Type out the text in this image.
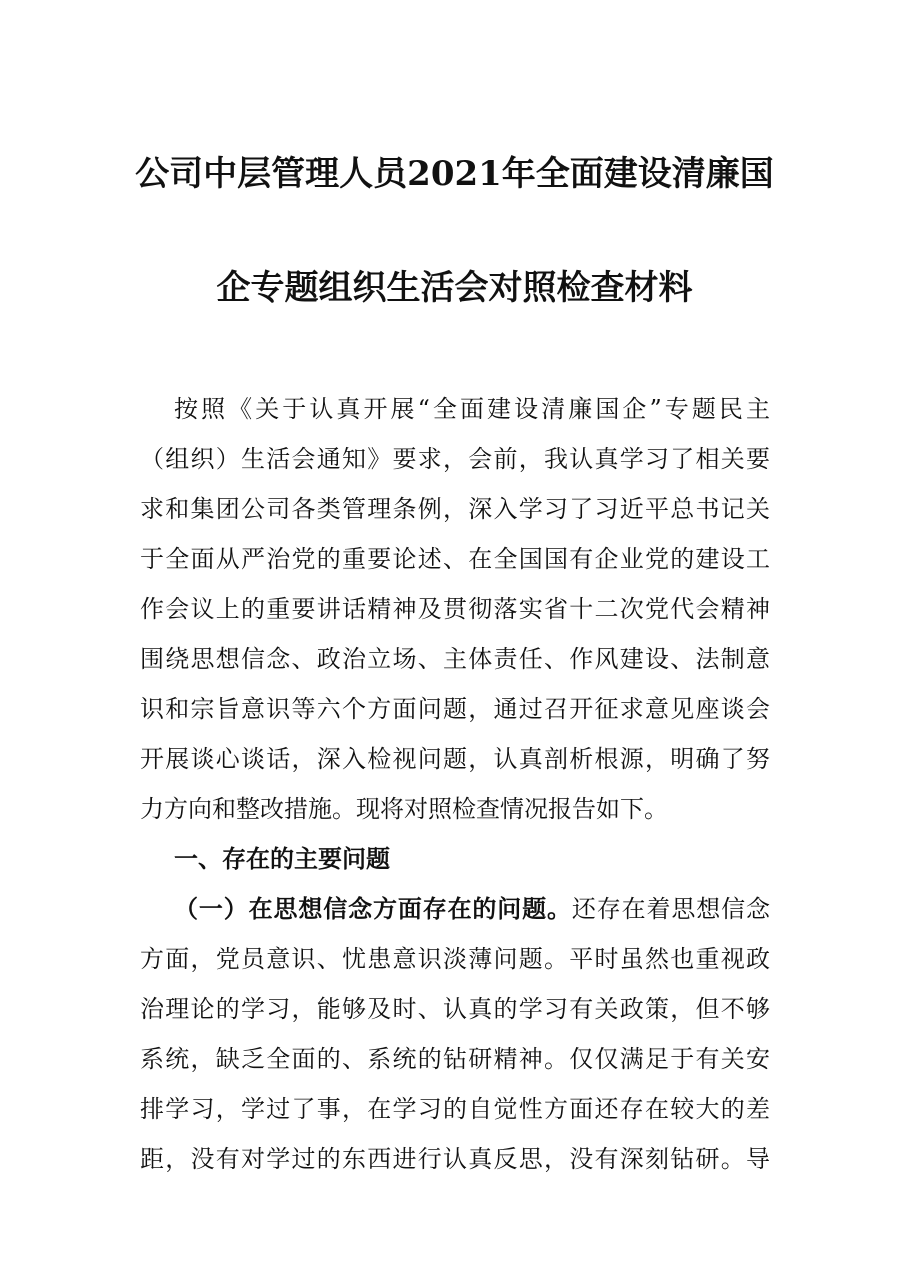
公司中层管理人员2021年全面建设清廉国
企专题组织生活会对照检查材料
按照《关于认真开展“全面建设清廉国企”专题民主
（组织）生活会通知》要求，会前，我认真学习了相关要
求和集团公司各类管理条例，深入学习了习近平总书记关
于全面从严治党的重要论述、在全国国有企业党的建设工
作会议上的重要讲话精神及贯彻落实省十二次党代会精神
围绕思想信念、政治立场、主体责任、作风建设、法制意
识和宗旨意识等六个方面问题，通过召开征求意见座谈会
开展谈心谈话，深入检视问题，认真剖析根源，明确了努
力方向和整改措施。现将对照检查情况报告如下。
一、存在的主要问题
（一）在思想信念方面存在的问题。还存在着思想信念
方面，党员意识、忧患意识淡薄问题。平时虽然也重视政
治理论的学习，能够及时、认真的学习有关政策，但不够
系统，缺乏全面的、系统的钻研精神。仅仅满足于有关安
排学习，学过了事，在学习的自觉性方面还存在较大的差
距，没有对学过的东西进行认真反思，没有深刻钻研。导
